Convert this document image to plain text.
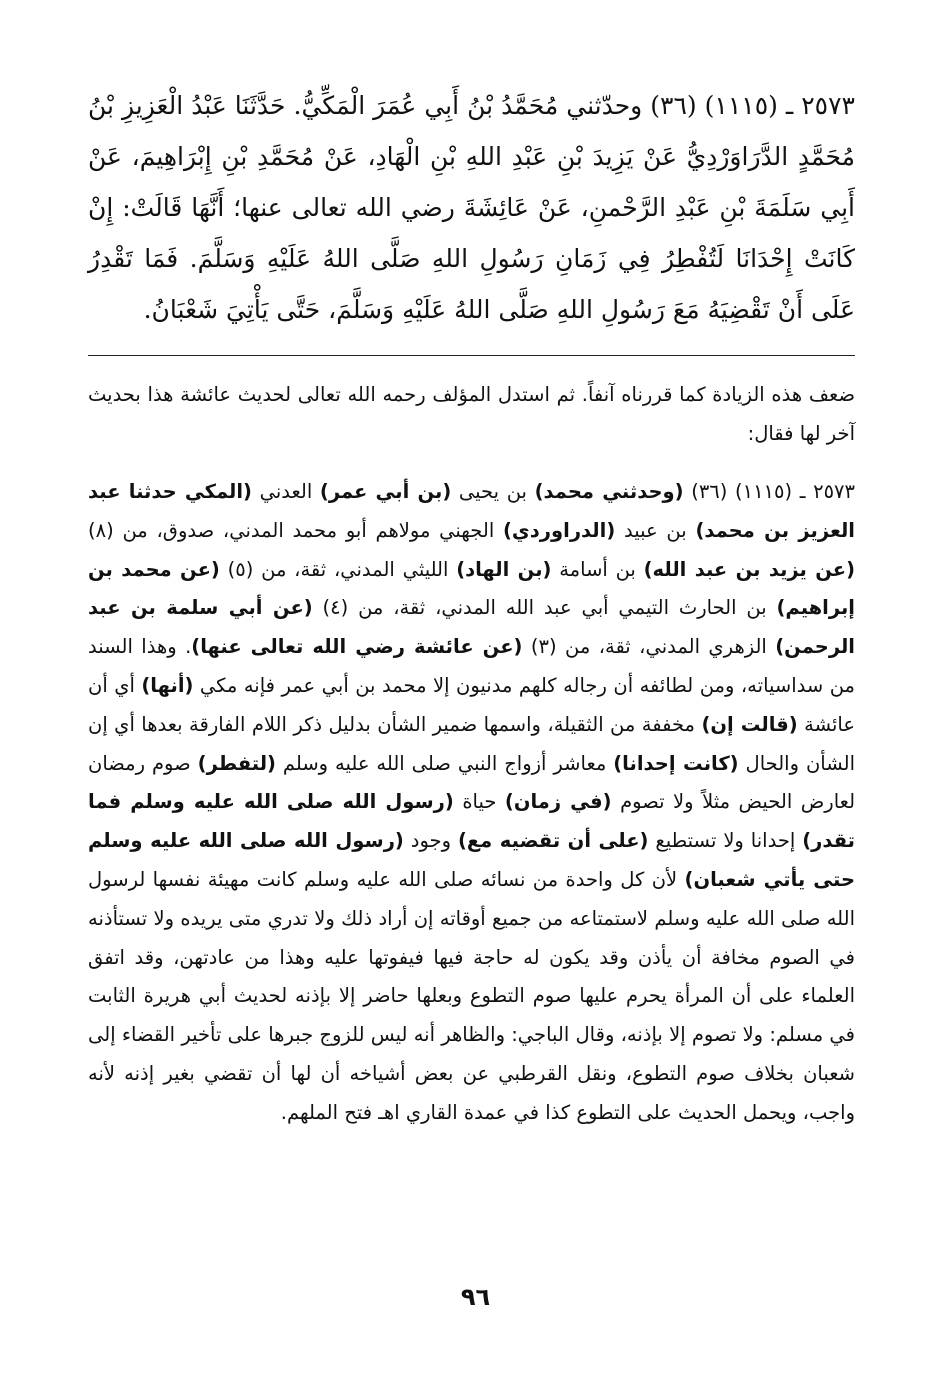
٢٥٧٣ ـ (١١١٥) (٣٦) وحدّثني مُحَمَّدُ بْنُ أَبِي عُمَرَ الْمَكِّيُّ. حَدَّثَنَا عَبْدُ الْعَزِيزِ بْنُ مُحَمَّدٍ الدَّرَاوَرْدِيُّ عَنْ يَزِيدَ بْنِ عَبْدِ اللهِ بْنِ الْهَادِ، عَنْ مُحَمَّدِ بْنِ إِبْرَاهِيمَ، عَنْ أَبِي سَلَمَةَ بْنِ عَبْدِ الرَّحْمنِ، عَنْ عَائِشَةَ رضي الله تعالى عنها؛ أَنَّهَا قَالَتْ: إِنْ كَانَتْ إِحْدَانَا لَتُفْطِرُ فِي زَمَانِ رَسُولِ اللهِ صَلَّى اللهُ عَلَيْهِ وَسَلَّمَ. فَمَا تَقْدِرُ عَلَى أَنْ تَقْضِيَهُ مَعَ رَسُولِ اللهِ صَلَّى اللهُ عَلَيْهِ وَسَلَّمَ، حَتَّى يَأْتِيَ شَعْبَانُ.

ضعف هذه الزيادة كما قررناه آنفاً. ثم استدل المؤلف رحمه الله تعالى لحديث عائشة هذا بحديث آخر لها فقال:

٢٥٧٣ ـ (١١١٥) (٣٦) (وحدثني محمد) بن يحيى (بن أبي عمر) العدني (المكي حدثنا عبد العزيز بن محمد) بن عبيد (الدراوردي) الجهني مولاهم أبو محمد المدني، صدوق، من (٨) (عن يزيد بن عبد الله) بن أسامة (بن الهاد) الليثي المدني، ثقة، من (٥) (عن محمد بن إبراهيم) بن الحارث التيمي أبي عبد الله المدني، ثقة، من (٤) (عن أبي سلمة بن عبد الرحمن) الزهري المدني، ثقة، من (٣) (عن عائشة رضي الله تعالى عنها). وهذا السند من سداسياته، ومن لطائفه أن رجاله كلهم مدنيون إلا محمد بن أبي عمر فإنه مكي (أنها) أي أن عائشة (قالت إن) مخففة من الثقيلة، واسمها ضمير الشأن بدليل ذكر اللام الفارقة بعدها أي إن الشأن والحال (كانت إحدانا) معاشر أزواج النبي صلى الله عليه وسلم (لتفطر) صوم رمضان لعارض الحيض مثلاً ولا تصوم (في زمان) حياة (رسول الله صلى الله عليه وسلم فما تقدر) إحدانا ولا تستطيع (على أن تقضيه مع) وجود (رسول الله صلى الله عليه وسلم حتى يأتي شعبان) لأن كل واحدة من نسائه صلى الله عليه وسلم كانت مهيئة نفسها لرسول الله صلى الله عليه وسلم لاستمتاعه من جميع أوقاته إن أراد ذلك ولا تدري متى يريده ولا تستأذنه في الصوم مخافة أن يأذن وقد يكون له حاجة فيها فيفوتها عليه وهذا من عادتهن، وقد اتفق العلماء على أن المرأة يحرم عليها صوم التطوع وبعلها حاضر إلا بإذنه لحديث أبي هريرة الثابت في مسلم: ولا تصوم إلا بإذنه، وقال الباجي: والظاهر أنه ليس للزوج جبرها على تأخير القضاء إلى شعبان بخلاف صوم التطوع، ونقل القرطبي عن بعض أشياخه أن لها أن تقضي بغير إذنه لأنه واجب، ويحمل الحديث على التطوع كذا في عمدة القاري اهـ فتح الملهم.

٩٦
